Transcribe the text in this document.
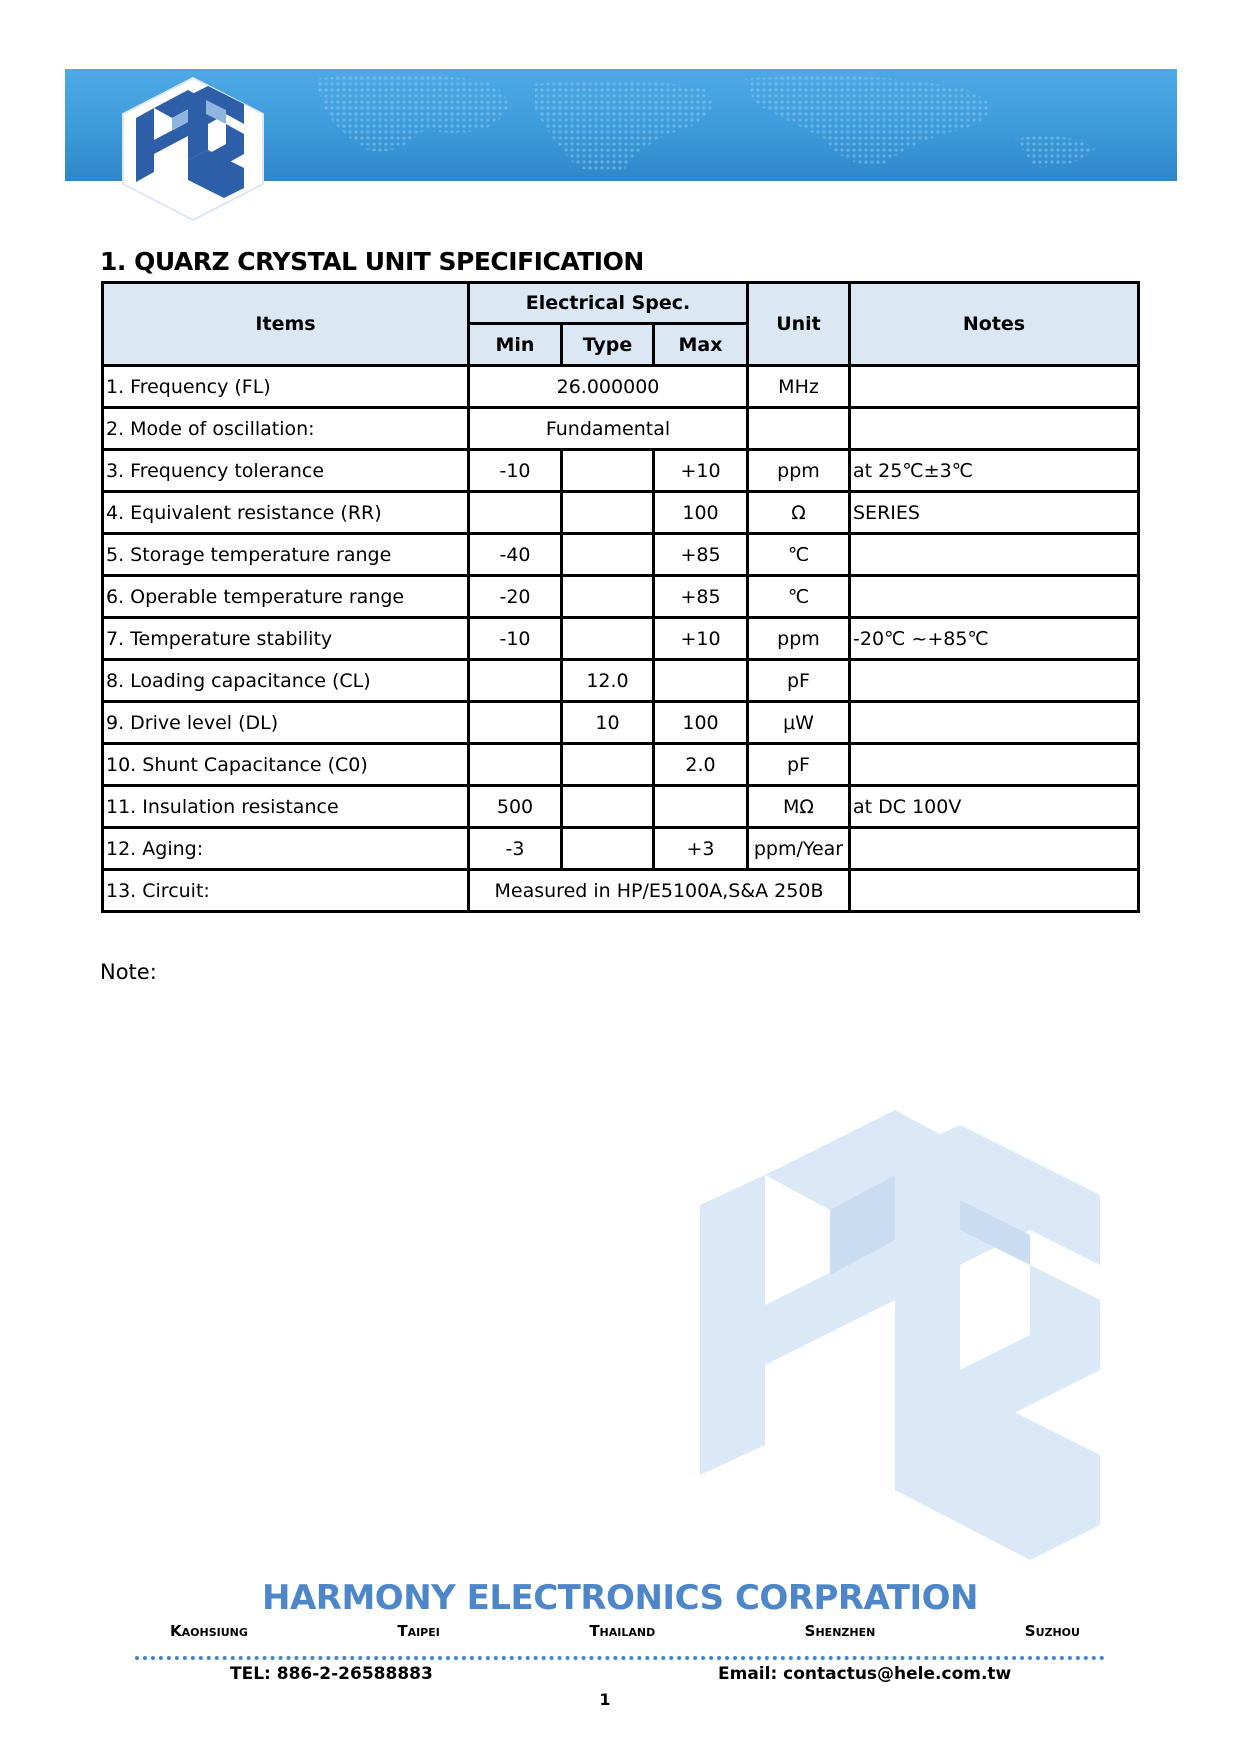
1. QUARZ CRYSTAL UNIT SPECIFICATION
Items	Electrical Spec.			Unit	Notes
	Min	Type	Max		
1. Frequency (FL)	26.000000			MHz	
2. Mode of oscillation:	Fundamental				
3. Frequency tolerance	-10		+10	ppm	at 25℃±3℃
4. Equivalent resistance (RR)			100	Ω	SERIES
5. Storage temperature range	-40		+85	℃	
6. Operable temperature range	-20		+85	℃	
7. Temperature stability	-10		+10	ppm	-20℃ ~+85℃
8. Loading capacitance (CL)		12.0		pF	
9. Drive level (DL)		10	100	μW	
10. Shunt Capacitance (C0)			2.0	pF	
11. Insulation resistance	500			MΩ	at DC 100V
12. Aging:	-3		+3	ppm/Year	
13. Circuit:	Measured in HP/E5100A,S&A 250B				
Note:
HARMONY ELECTRONICS CORPRATION
Kaohsiung	Taipei	Thailand	Shenzhen	Suzhou
TEL: 886-2-26588883	Email: contactus@hele.com.tw
1
